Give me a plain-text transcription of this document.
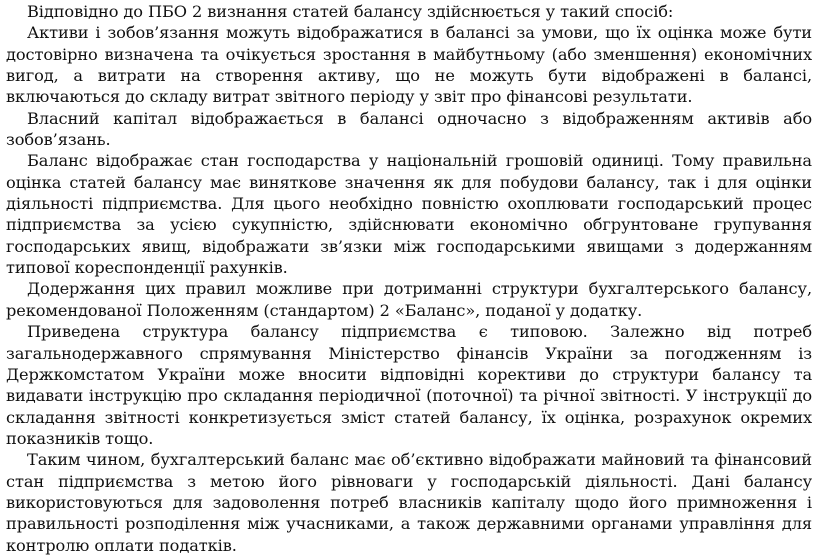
Відповідно до ПБО 2 визнання статей балансу здійснюється у такий спосіб:

Активи і зобов’язання можуть відображатися в балансі за умови, що їх оцінка може бути достовірно визначена та очікується зростання в майбутньому (або зменшення) економічних вигод, а витрати на створення активу, що не можуть бути відображені в балансі, включаються до складу витрат звітного періоду у звіт про фінансові результати.

Власний капітал відображається в балансі одночасно з відображенням активів або зобов’язань.

Баланс відображає стан господарства у національній грошовій одиниці. Тому правильна оцінка статей балансу має виняткове значення як для побудови балансу, так і для оцінки діяльності підприємства. Для цього необхідно повністю охоплювати господарський процес підприємства за усією сукупністю, здійснювати економічно обгрунтоване групування господарських явищ, відображати зв’язки між господарськими явищами з додержанням типової кореспонденції рахунків.

Додержання цих правил можливе при дотриманні структури бухгалтерського балансу, рекомендованої Положенням (стандартом) 2 «Баланс», поданої у додатку.

Приведена структура балансу підприємства є типовою. Залежно від потреб загальнодержавного спрямування Міністерство фінансів України за погодженням із Держкомстатом України може вносити відповідні корективи до структури балансу та видавати інструкцію про складання періодичної (поточної) та річної звітності. У інструкції до складання звітності конкретизується зміст статей балансу, їх оцінка, розрахунок окремих показників тощо.

Таким чином, бухгалтерський баланс має об’єктивно відображати майновий та фінансовий стан підприємства з метою його рівноваги у господарській діяльності. Дані балансу використовуються для задоволення потреб власників капіталу щодо його примноження і правильності розподілення між учасниками, а також державними органами управління для контролю оплати податків.
